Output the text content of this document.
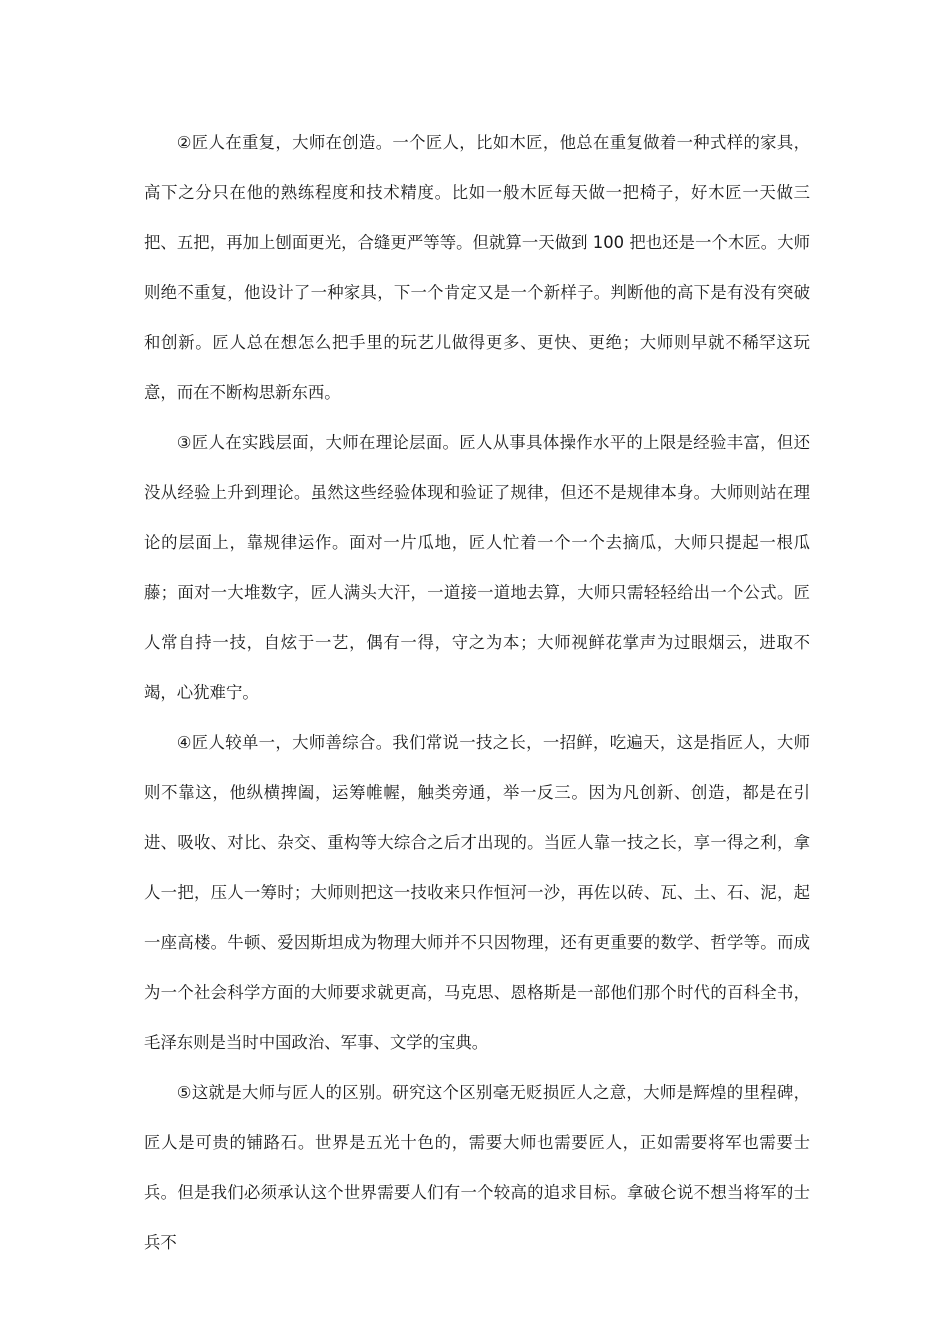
②匠人在重复，大师在创造。一个匠人，比如木匠，他总在重复做着一种式样的家具，高下之分只在他的熟练程度和技术精度。比如一般木匠每天做一把椅子，好木匠一天做三把、五把，再加上刨面更光，合缝更严等等。但就算一天做到 100 把也还是一个木匠。大师则绝不重复，他设计了一种家具，下一个肯定又是一个新样子。判断他的高下是有没有突破和创新。匠人总在想怎么把手里的玩艺儿做得更多、更快、更绝；大师则早就不稀罕这玩意，而在不断构思新东西。

③匠人在实践层面，大师在理论层面。匠人从事具体操作水平的上限是经验丰富，但还没从经验上升到理论。虽然这些经验体现和验证了规律，但还不是规律本身。大师则站在理论的层面上，靠规律运作。面对一片瓜地，匠人忙着一个一个去摘瓜，大师只提起一根瓜藤；面对一大堆数字，匠人满头大汗，一道接一道地去算，大师只需轻轻给出一个公式。匠人常自持一技，自炫于一艺，偶有一得，守之为本；大师视鲜花掌声为过眼烟云，进取不竭，心犹难宁。

④匠人较单一，大师善综合。我们常说一技之长，一招鲜，吃遍天，这是指匠人，大师则不靠这，他纵横捭阖，运筹帷幄，触类旁通，举一反三。因为凡创新、创造，都是在引进、吸收、对比、杂交、重构等大综合之后才出现的。当匠人靠一技之长，享一得之利，拿人一把，压人一筹时；大师则把这一技收来只作恒河一沙，再佐以砖、瓦、土、石、泥，起一座高楼。牛顿、爱因斯坦成为物理大师并不只因物理，还有更重要的数学、哲学等。而成为一个社会科学方面的大师要求就更高，马克思、恩格斯是一部他们那个时代的百科全书，毛泽东则是当时中国政治、军事、文学的宝典。

⑤这就是大师与匠人的区别。研究这个区别毫无贬损匠人之意，大师是辉煌的里程碑，匠人是可贵的铺路石。世界是五光十色的，需要大师也需要匠人，正如需要将军也需要士兵。但是我们必须承认这个世界需要人们有一个较高的追求目标。拿破仑说不想当将军的士兵不
